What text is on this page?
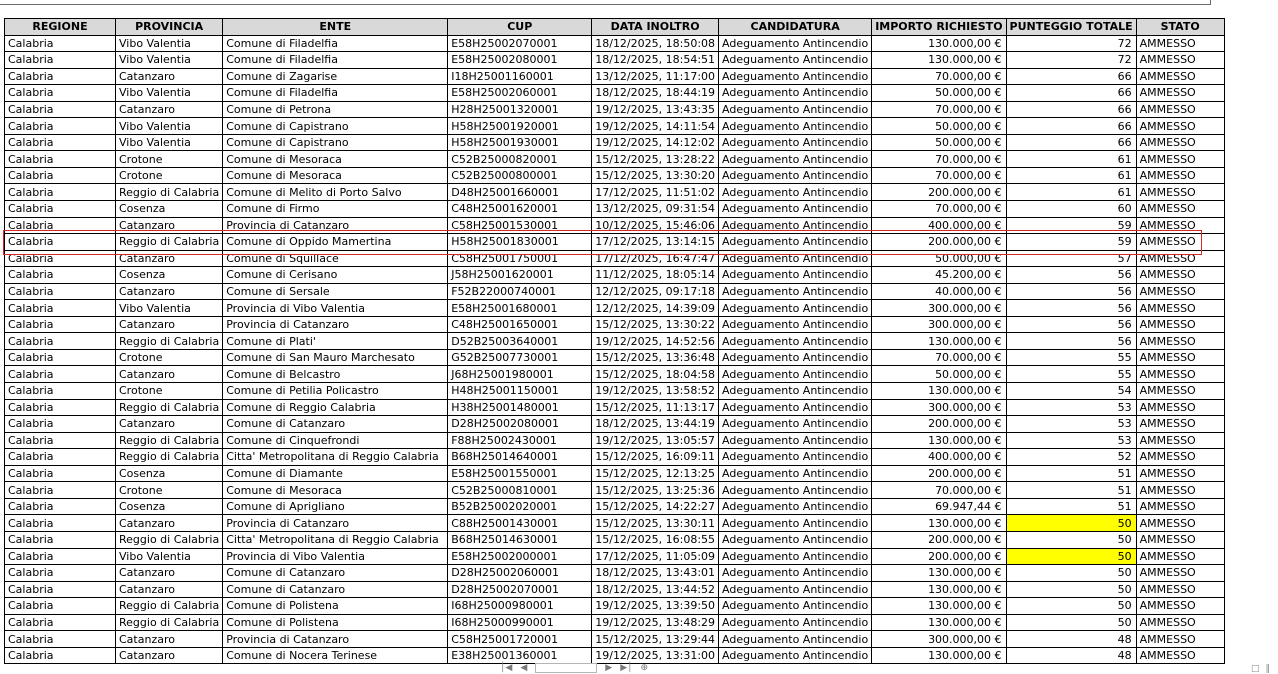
REGIONE	PROVINCIA	ENTE	CUP	DATA INOLTRO	CANDIDATURA	IMPORTO RICHIESTO	PUNTEGGIO TOTALE	STATO
Calabria	Vibo Valentia	Comune di Filadelfia	E58H25002070001	18/12/2025, 18:50:08	Adeguamento Antincendio	130.000,00 €	72	AMMESSO
Calabria	Vibo Valentia	Comune di Filadelfia	E58H25002080001	18/12/2025, 18:54:51	Adeguamento Antincendio	130.000,00 €	72	AMMESSO
Calabria	Catanzaro	Comune di Zagarise	I18H25001160001	13/12/2025, 11:17:00	Adeguamento Antincendio	70.000,00 €	66	AMMESSO
Calabria	Vibo Valentia	Comune di Filadelfia	E58H25002060001	18/12/2025, 18:44:19	Adeguamento Antincendio	50.000,00 €	66	AMMESSO
Calabria	Catanzaro	Comune di Petrona	H28H25001320001	19/12/2025, 13:43:35	Adeguamento Antincendio	70.000,00 €	66	AMMESSO
Calabria	Vibo Valentia	Comune di Capistrano	H58H25001920001	19/12/2025, 14:11:54	Adeguamento Antincendio	50.000,00 €	66	AMMESSO
Calabria	Vibo Valentia	Comune di Capistrano	H58H25001930001	19/12/2025, 14:12:02	Adeguamento Antincendio	50.000,00 €	66	AMMESSO
Calabria	Crotone	Comune di Mesoraca	C52B25000820001	15/12/2025, 13:28:22	Adeguamento Antincendio	70.000,00 €	61	AMMESSO
Calabria	Crotone	Comune di Mesoraca	C52B25000800001	15/12/2025, 13:30:20	Adeguamento Antincendio	70.000,00 €	61	AMMESSO
Calabria	Reggio di Calabria	Comune di Melito di Porto Salvo	D48H25001660001	17/12/2025, 11:51:02	Adeguamento Antincendio	200.000,00 €	61	AMMESSO
Calabria	Cosenza	Comune di Firmo	C48H25001620001	13/12/2025, 09:31:54	Adeguamento Antincendio	70.000,00 €	60	AMMESSO
Calabria	Catanzaro	Provincia di Catanzaro	C58H25001530001	10/12/2025, 15:46:06	Adeguamento Antincendio	400.000,00 €	59	AMMESSO
Calabria	Reggio di Calabria	Comune di Oppido Mamertina	H58H25001830001	17/12/2025, 13:14:15	Adeguamento Antincendio	200.000,00 €	59	AMMESSO
Calabria	Catanzaro	Comune di Squillace	C58H25001750001	17/12/2025, 16:47:47	Adeguamento Antincendio	50.000,00 €	57	AMMESSO
Calabria	Cosenza	Comune di Cerisano	J58H25001620001	11/12/2025, 18:05:14	Adeguamento Antincendio	45.200,00 €	56	AMMESSO
Calabria	Catanzaro	Comune di Sersale	F52B22000740001	12/12/2025, 09:17:18	Adeguamento Antincendio	40.000,00 €	56	AMMESSO
Calabria	Vibo Valentia	Provincia di Vibo Valentia	E58H25001680001	12/12/2025, 14:39:09	Adeguamento Antincendio	300.000,00 €	56	AMMESSO
Calabria	Catanzaro	Provincia di Catanzaro	C48H25001650001	15/12/2025, 13:30:22	Adeguamento Antincendio	300.000,00 €	56	AMMESSO
Calabria	Reggio di Calabria	Comune di Plati'	D52B25003640001	19/12/2025, 14:52:56	Adeguamento Antincendio	130.000,00 €	56	AMMESSO
Calabria	Crotone	Comune di San Mauro Marchesato	G52B25007730001	15/12/2025, 13:36:48	Adeguamento Antincendio	70.000,00 €	55	AMMESSO
Calabria	Catanzaro	Comune di Belcastro	J68H25001980001	15/12/2025, 18:04:58	Adeguamento Antincendio	50.000,00 €	55	AMMESSO
Calabria	Crotone	Comune di Petilia Policastro	H48H25001150001	19/12/2025, 13:58:52	Adeguamento Antincendio	130.000,00 €	54	AMMESSO
Calabria	Reggio di Calabria	Comune di Reggio Calabria	H38H25001480001	15/12/2025, 11:13:17	Adeguamento Antincendio	300.000,00 €	53	AMMESSO
Calabria	Catanzaro	Comune di Catanzaro	D28H25002080001	18/12/2025, 13:44:19	Adeguamento Antincendio	200.000,00 €	53	AMMESSO
Calabria	Reggio di Calabria	Comune di Cinquefrondi	F88H25002430001	19/12/2025, 13:05:57	Adeguamento Antincendio	130.000,00 €	53	AMMESSO
Calabria	Reggio di Calabria	Citta' Metropolitana di Reggio Calabria	B68H25014640001	15/12/2025, 16:09:11	Adeguamento Antincendio	400.000,00 €	52	AMMESSO
Calabria	Cosenza	Comune di Diamante	E58H25001550001	15/12/2025, 12:13:25	Adeguamento Antincendio	200.000,00 €	51	AMMESSO
Calabria	Crotone	Comune di Mesoraca	C52B25000810001	15/12/2025, 13:25:36	Adeguamento Antincendio	70.000,00 €	51	AMMESSO
Calabria	Cosenza	Comune di Aprigliano	B52B25002020001	15/12/2025, 14:22:27	Adeguamento Antincendio	69.947,44 €	51	AMMESSO
Calabria	Catanzaro	Provincia di Catanzaro	C88H25001430001	15/12/2025, 13:30:11	Adeguamento Antincendio	130.000,00 €	50	AMMESSO
Calabria	Reggio di Calabria	Citta' Metropolitana di Reggio Calabria	B68H25014630001	15/12/2025, 16:08:55	Adeguamento Antincendio	200.000,00 €	50	AMMESSO
Calabria	Vibo Valentia	Provincia di Vibo Valentia	E58H25002000001	17/12/2025, 11:05:09	Adeguamento Antincendio	200.000,00 €	50	AMMESSO
Calabria	Catanzaro	Comune di Catanzaro	D28H25002060001	18/12/2025, 13:43:01	Adeguamento Antincendio	130.000,00 €	50	AMMESSO
Calabria	Catanzaro	Comune di Catanzaro	D28H25002070001	18/12/2025, 13:44:52	Adeguamento Antincendio	130.000,00 €	50	AMMESSO
Calabria	Reggio di Calabria	Comune di Polistena	I68H25000980001	19/12/2025, 13:39:50	Adeguamento Antincendio	130.000,00 €	50	AMMESSO
Calabria	Reggio di Calabria	Comune di Polistena	I68H25000990001	19/12/2025, 13:48:29	Adeguamento Antincendio	130.000,00 €	50	AMMESSO
Calabria	Catanzaro	Provincia di Catanzaro	C58H25001720001	15/12/2025, 13:29:44	Adeguamento Antincendio	300.000,00 €	48	AMMESSO
Calabria	Catanzaro	Comune di Nocera Terinese	E38H25001360001	19/12/2025, 13:31:00	Adeguamento Antincendio	130.000,00 €	48	AMMESSO
│◀ ◀	▶ ▶│ ⊕	□ ‖
